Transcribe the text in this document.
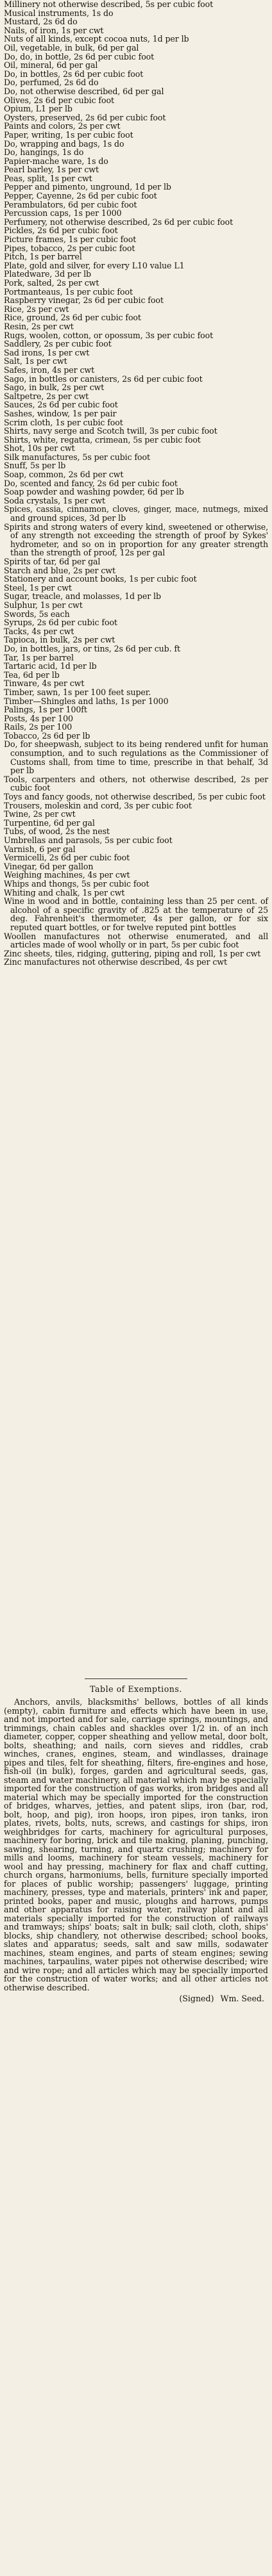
Millinery not otherwise described, 5s per cubic foot

Musical instruments, 1s do

Mustard, 2s 6d do

Nails, of iron, 1s per cwt

Nuts of all kinds, except cocoa nuts, 1d per lb

Oil, vegetable, in bulk, 6d per gal

Do, do, in bottle, 2s 6d per cubic foot

Oil, mineral, 6d per gal

Do, in bottles, 2s 6d per cubic foot

Do, perfumed, 2s 6d do

Do, not otherwise described, 6d per gal

Olives, 2s 6d per cubic foot

Opium, L1 per lb

Oysters, preserved, 2s 6d per cubic foot

Paints and colors, 2s per cwt

Paper, writing, 1s per cubic foot

Do, wrapping and bags, 1s do

Do, hangings, 1s do

Papier-mache ware, 1s do

Pearl barley, 1s per cwt

Peas, split, 1s per cwt

Pepper and pimento, unground, 1d per lb

Pepper, Cayenne, 2s 6d per cubic foot

Perambulators, 6d per cubic foot

Percussion caps, 1s per 1000

Perfumery, not otherwise described, 2s 6d per cubic foot

Pickles, 2s 6d per cubic foot

Picture frames, 1s per cubic foot

Pipes, tobacco, 2s per cubic foot

Pitch, 1s per barrel

Plate, gold and silver, for every L10 value L1

Platedware, 3d per lb

Pork, salted, 2s per cwt

Portmanteaus, 1s per cubic foot

Raspberry vinegar, 2s 6d per cubic foot

Rice, 2s per cwt

Rice, ground, 2s 6d per cubic foot

Resin, 2s per cwt

Rugs, woolen, cotton, or opossum, 3s per cubic foot

Saddlery, 2s per cubic foot

Sad irons, 1s per cwt

Salt, 1s per cwt

Safes, iron, 4s per cwt

Sago, in bottles or canisters, 2s 6d per cubic foot

Sago, in bulk, 2s per cwt

Saltpetre, 2s per cwt

Sauces, 2s 6d per cubic foot

Sashes, window, 1s per pair

Scrim cloth, 1s per cubic foot

Shirts, navy serge and Scotch twill, 3s per cubic foot

Shirts, white, regatta, crimean, 5s per cubic foot

Shot, 10s per cwt

Silk manufactures, 5s per cubic foot

Snuff, 5s per lb

Soap, common, 2s 6d per cwt

Do, scented and fancy, 2s 6d per cubic foot

Soap powder and washing powder, 6d per lb

Soda crystals, 1s per cwt

Spices, cassia, cinnamon, cloves, ginger, mace, nutmegs, mixed and ground spices, 3d per lb

Spirits and strong waters of every kind, sweetened or otherwise, of any strength not exceeding the strength of proof by Sykes' hydrometer, and so on in proportion for any greater strength than the strength of proof, 12s per gal

Spirits of tar, 6d per gal

Starch and blue, 2s per cwt

Stationery and account books, 1s per cubic foot

Steel, 1s per cwt

Sugar, treacle, and molasses, 1d per lb

Sulphur, 1s per cwt

Swords, 5s each

Syrups, 2s 6d per cubic foot

Tacks, 4s per cwt

Tapioca, in bulk, 2s per cwt

Do, in bottles, jars, or tins, 2s 6d per cub. ft

Tar, 1s per barrel

Tartaric acid, 1d per lb

Tea, 6d per lb

Tinware, 4s per cwt

Timber, sawn, 1s per 100 feet super.

Timber—Shingles and laths, 1s per 1000

Palings, 1s per 100ft

Posts, 4s per 100

Rails, 2s per 100

Tobacco, 2s 6d per lb

Do, for sheepwash, subject to its being rendered unfit for human consumption, and to such regulations as the Commissioner of Customs shall, from time to time, prescribe in that behalf, 3d per lb

Tools, carpenters and others, not otherwise described, 2s per cubic foot

Toys and fancy goods, not otherwise described, 5s per cubic foot

Trousers, moleskin and cord, 3s per cubic foot

Twine, 2s per cwt

Turpentine, 6d per gal

Tubs, of wood, 2s the nest

Umbrellas and parasols, 5s per cubic foot

Varnish, 6 per gal

Vermicelli, 2s 6d per cubic foot

Vinegar, 6d per gallon

Weighing machines, 4s per cwt

Whips and thongs, 5s per cubic foot

Whiting and chalk, 1s per cwt

Wine in wood and in bottle, containing less than 25 per cent. of alcohol of a specific gravity of .825 at the temperature of 25 deg. Fahrenheit's thermometer, 4s per gallon, or for six reputed quart bottles, or for twelve reputed pint bottles

Woollen manufactures not otherwise enumerated, and all articles made of wool wholly or in part, 5s per cubic foot

Zinc sheets, tiles, ridging, guttering, piping and roll, 1s per cwt

Zinc manufactures not otherwise described, 4s per cwt

Table of Exemptions.

Anchors, anvils, blacksmiths' bellows, bottles of all kinds (empty), cabin furniture and effects which have been in use, and not imported and for sale, carriage springs, mountings, and trimmings, chain cables and shackles over 1/2 in. of an inch diameter, copper, copper sheathing and yellow metal, door bolt, bolts, sheathing; and nails, corn sieves and riddles, crab winches, cranes, engines, steam, and windlasses, drainage pipes and tiles, felt for sheathing, filters, fire-engines and hose, fish-oil (in bulk), forges, garden and agricultural seeds, gas, steam and water machinery, all material which may be specially imported for the construction of gas works, iron bridges and all material which may be specially imported for the construction of bridges, wharves, jetties, and patent slips, iron (bar, rod, bolt, hoop, and pig), iron hoops, iron pipes, iron tanks, iron plates, rivets, bolts, nuts, screws, and castings for ships, iron weighbridges for carts, machinery for agricultural purposes, machinery for boring, brick and tile making, planing, punching, sawing, shearing, turning, and quartz crushing; machinery for mills and looms, machinery for steam vessels, machinery for wool and hay pressing, machinery for flax and chaff cutting, church organs, harmoniums, bells, furniture specially imported for places of public worship; passengers' luggage, printing machinery, presses, type and materials, printers' ink and paper, printed books, paper and music, ploughs and harrows, pumps and other apparatus for raising water, railway plant and all materials specially imported for the construction of railways and tramways; ships' boats; salt in bulk; sail cloth, cloth, ships' blocks, ship chandlery, not otherwise described; school books, slates and apparatus; seeds, salt and saw mills, sodawater machines, steam engines, and parts of steam engines; sewing machines, tarpaulins, water pipes not otherwise described; wire and wire rope; and all articles which may be specially imported for the construction of water works; and all other articles not otherwise described.

(Signed) Wm. Seed.
